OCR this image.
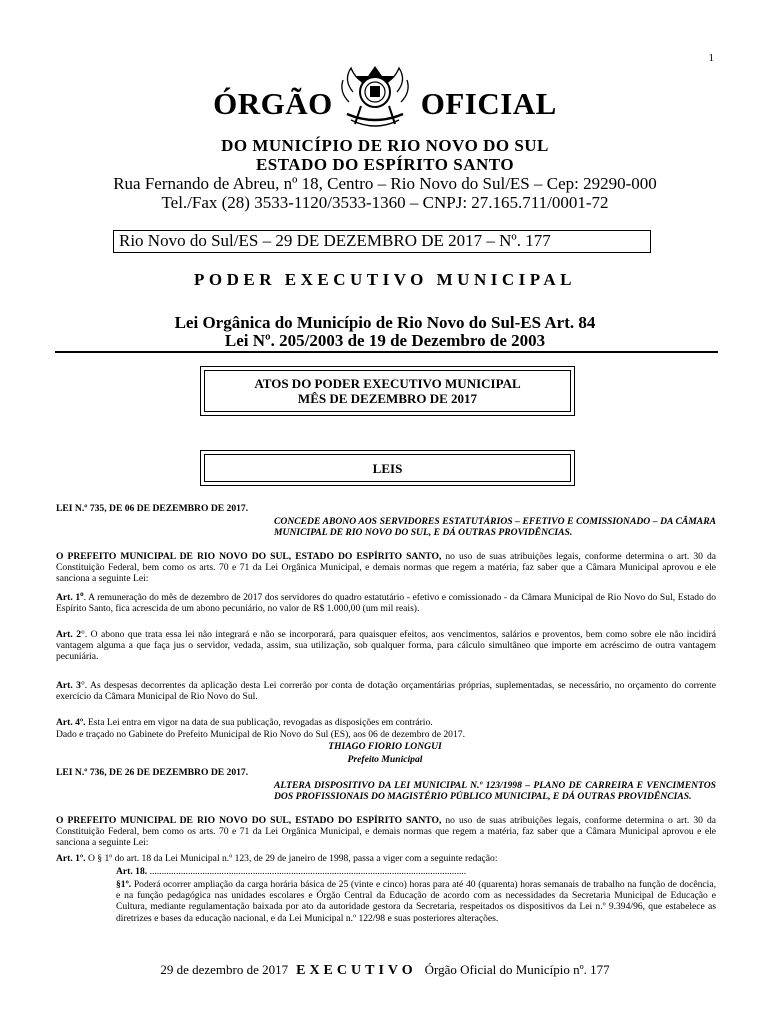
1
ÓRGÃO	OFICIAL
DO MUNICÍPIO DE RIO NOVO DO SUL
ESTADO DO ESPÍRITO SANTO
Rua Fernando de Abreu, nº 18, Centro – Rio Novo do Sul/ES – Cep: 29290-000
Tel./Fax (28) 3533-1120/3533-1360 – CNPJ: 27.165.711/0001-72
Rio Novo do Sul/ES – 29 DE DEZEMBRO DE 2017 – Nº. 177
PODER EXECUTIVO MUNICIPAL
Lei Orgânica do Município de Rio Novo do Sul-ES Art. 84
Lei Nº. 205/2003 de 19 de Dezembro de 2003
ATOS DO PODER EXECUTIVO MUNICIPAL
MÊS DE DEZEMBRO DE 2017
LEIS
LEI N.º 735, DE 06 DE DEZEMBRO DE 2017.
CONCEDE ABONO AOS SERVIDORES ESTATUTÁRIOS – EFETIVO E COMISSIONADO – DA CÂMARA MUNICIPAL DE RIO NOVO DO SUL, E DÁ OUTRAS PROVIDÊNCIAS.
O PREFEITO MUNICIPAL DE RIO NOVO DO SUL, ESTADO DO ESPÍRITO SANTO, no uso de suas atribuições legais, conforme determina o art. 30 da Constituição Federal, bem como os arts. 70 e 71 da Lei Orgânica Municipal, e demais normas que regem a matéria, faz saber que a Câmara Municipal aprovou e ele sanciona a seguinte Lei:
Art. 1$^o$. A remuneração do mês de dezembro de 2017 dos servidores do quadro estatutário - efetivo e comissionado - da Câmara Municipal de Rio Novo do Sul, Estado do Espírito Santo, fica acrescida de um abono pecuniário, no valor de R$ 1.000,00 (um mil reais).
Art. 2°. O abono que trata essa lei não integrará e não se incorporará, para quaisquer efeitos, aos vencimentos, salários e proventos, bem como sobre ele não incidirá vantagem alguma a que faça jus o servidor, vedada, assim, sua utilização, sob qualquer forma, para cálculo simultâneo que importe em acréscimo de outra vantagem pecuniária.
Art. 3°. As despesas decorrentes da aplicação desta Lei correrão por conta de dotação orçamentárias próprias, suplementadas, se necessário, no orçamento do corrente exercício da Câmara Municipal de Rio Novo do Sul.
Art. 4º. Esta Lei entra em vigor na data de sua publicação, revogadas as disposições em contrário.
Dado e traçado no Gabinete do Prefeito Municipal de Rio Novo do Sul (ES), aos 06 de dezembro de 2017.
THIAGO FIORIO LONGUI
Prefeito Municipal
LEI N.º 736, DE 26 DE DEZEMBRO DE 2017.
ALTERA DISPOSITIVO DA LEI MUNICIPAL N.º 123/1998 – PLANO DE CARREIRA E VENCIMENTOS DOS PROFISSIONAIS DO MAGISTÉRIO PÚBLICO MUNICIPAL, E DÁ OUTRAS PROVIDÊNCIAS.
O PREFEITO MUNICIPAL DE RIO NOVO DO SUL, ESTADO DO ESPÍRITO SANTO, no uso de suas atribuições legais, conforme determina o art. 30 da Constituição Federal, bem como os arts. 70 e 71 da Lei Orgânica Municipal, e demais normas que regem a matéria, faz saber que a Câmara Municipal aprovou e ele sanciona a seguinte Lei:
Art. 1º. O § 1º do art. 18 da Lei Municipal n.º 123, de 29 de janeiro de 1998, passa a viger com a seguinte redação:
Art. 18. ....................................................................................................................................
§1º. Poderá ocorrer ampliação da carga horária básica de 25 (vinte e cinco) horas para até 40 (quarenta) horas semanais de trabalho na função de docência, e na função pedagógica nas unidades escolares e Órgão Central da Educação de acordo com as necessidades da Secretaria Municipal de Educação e Cultura, mediante regulamentação baixada por ato da autoridade gestora da Secretaria, respeitados os dispositivos da Lei n.º 9.394/96, que estabelece as diretrizes e bases da educação nacional, e da Lei Municipal n.º 122/98 e suas posteriores alterações.
29 de dezembro de 2017 EXECUTIVO Órgão Oficial do Município nº. 177
